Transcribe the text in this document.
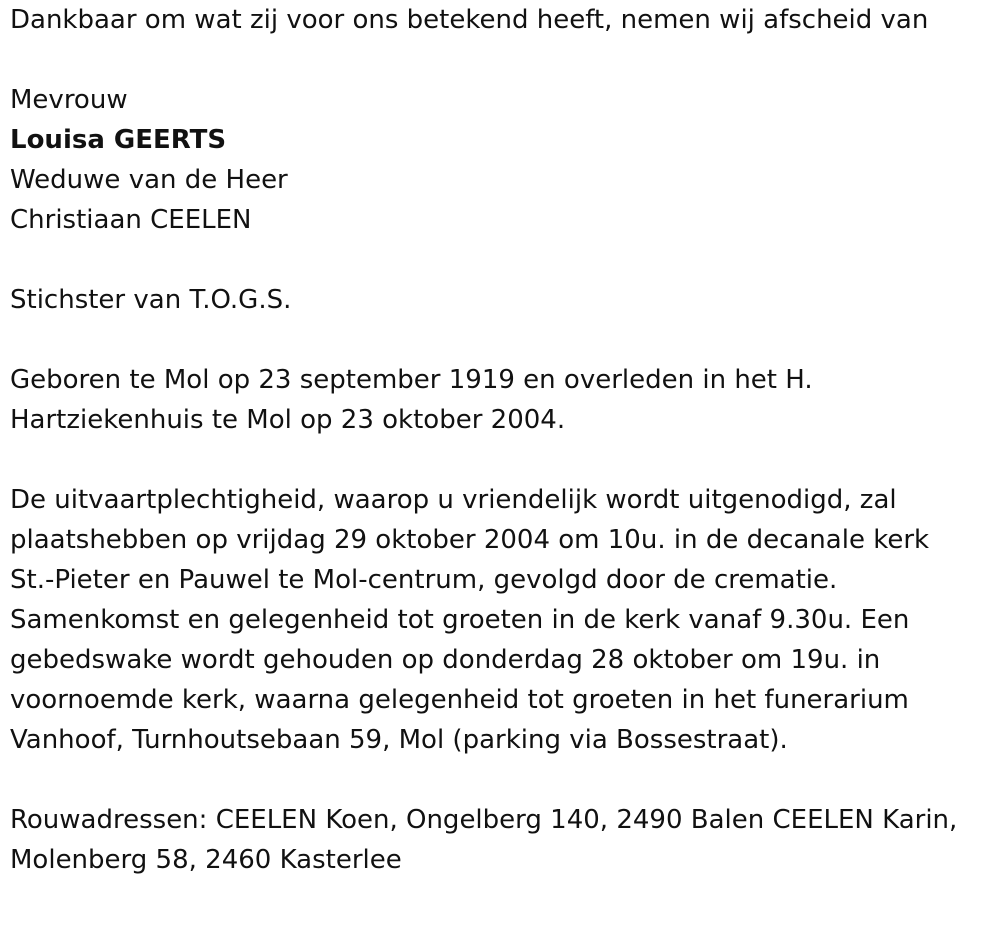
Dankbaar om wat zij voor ons betekend heeft, nemen wij afscheid van

Mevrouw

Louisa GEERTS

Weduwe van de Heer

Christiaan CEELEN

Stichster van T.O.G.S.

Geboren te Mol op 23 september 1919 en overleden in het H.

Hartziekenhuis te Mol op 23 oktober 2004.

De uitvaartplechtigheid, waarop u vriendelijk wordt uitgenodigd, zal

plaatshebben op vrijdag 29 oktober 2004 om 10u. in de decanale kerk

St.-Pieter en Pauwel te Mol-centrum, gevolgd door de crematie.

Samenkomst en gelegenheid tot groeten in de kerk vanaf 9.30u. Een

gebedswake wordt gehouden op donderdag 28 oktober om 19u. in

voornoemde kerk, waarna gelegenheid tot groeten in het funerarium

Vanhoof, Turnhoutsebaan 59, Mol (parking via Bossestraat).

Rouwadressen: CEELEN Koen, Ongelberg 140, 2490 Balen CEELEN Karin,

Molenberg 58, 2460 Kasterlee
